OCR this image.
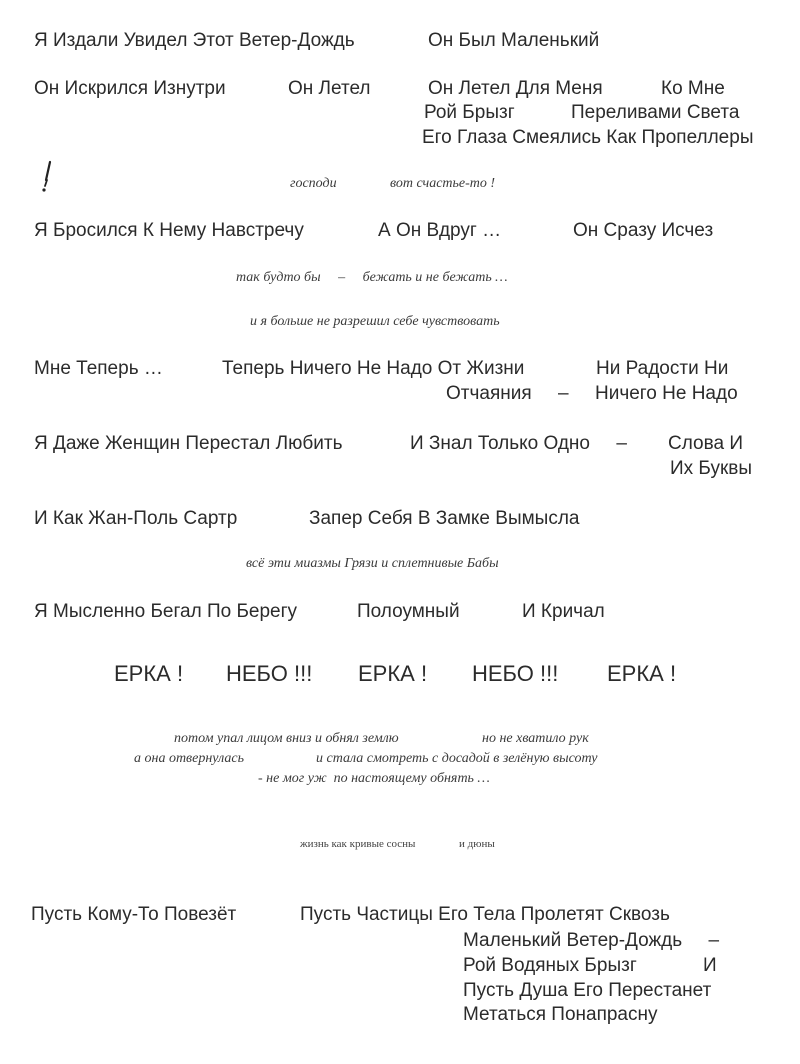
Я Издали Увидел Этот Ветер-Дождь	Он Был Маленький
Он Искрился Изнутри	Он Летел	Он Летел Для Меня	Ко Мне
Рой Брызг	Переливами Света
Его Глаза Смеялись Как Пропеллеры
господи	вот счастье-то !
Я Бросился К Нему Навстречу	А Он Вдруг …	Он Сразу Исчез
так будто бы     –     бежать и не бежать …
и я больше не разрешил себе чувствовать
Мне Теперь …	Теперь Ничего Не Надо От Жизни	Ни Радости Ни
Отчаяния     –     Ничего Не Надо
Я Даже Женщин Перестал Любить	И Знал Только Одно     – Слова И
Их Буквы
И Как Жан-Поль Сартр	Запер Себя В Замке Вымысла
всё эти миазмы Грязи и сплетнивые Бабы
Я Мысленно Бегал По Берегу	Полоумный	И Кричал
ЕРКА ! НЕБО !!! ЕРКА ! НЕБО !!! ЕРКА !
потом упал лицом вниз и обнял землю	но не хватило рук
а она отвернулась	и стала смотреть с досадой в зелёную высоту
- не мог уж  по настоящему обнять …
жизнь как кривые сосны	и дюны
Пусть Кому-То Повезёт	Пусть Частицы Его Тела Пролетят Сквозь
Маленький Ветер-Дождь     –
Рой Водяных Брызг	И
Пусть Душа Его Перестанет
Метаться Понапрасну
